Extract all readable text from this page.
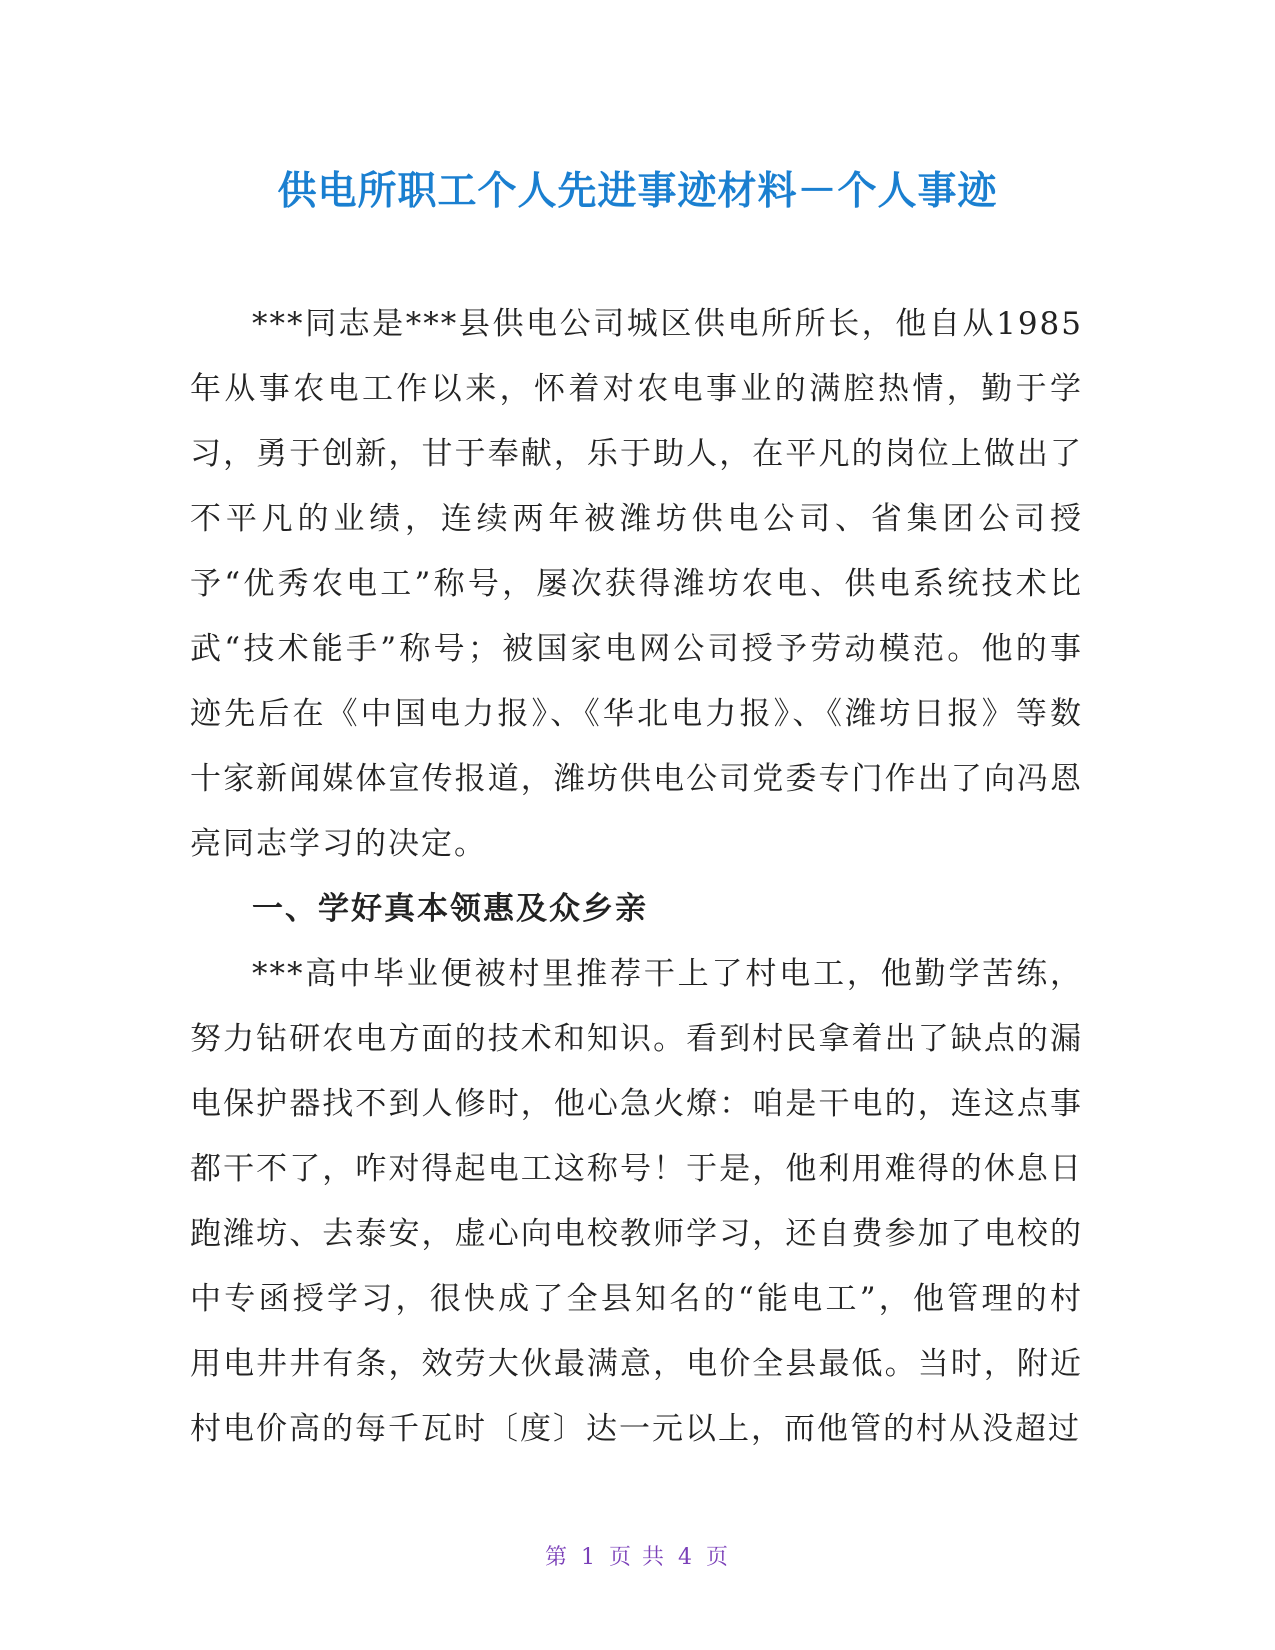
供电所职工个人先进事迹材料－个人事迹

***同志是***县供电公司城区供电所所长，他自从1985年从事农电工作以来，怀着对农电事业的满腔热情，勤于学习，勇于创新，甘于奉献，乐于助人，在平凡的岗位上做出了不平凡的业绩，连续两年被潍坊供电公司、省集团公司授予“优秀农电工”称号，屡次获得潍坊农电、供电系统技术比武“技术能手”称号；被国家电网公司授予劳动模范。他的事迹先后在《中国电力报》、《华北电力报》、《潍坊日报》等数十家新闻媒体宣传报道，潍坊供电公司党委专门作出了向冯恩亮同志学习的决定。

一、学好真本领惠及众乡亲

***高中毕业便被村里推荐干上了村电工，他勤学苦练，努力钻研农电方面的技术和知识。看到村民拿着出了缺点的漏电保护器找不到人修时，他心急火燎：咱是干电的，连这点事都干不了，咋对得起电工这称号！于是，他利用难得的休息日跑潍坊、去泰安，虚心向电校教师学习，还自费参加了电校的中专函授学习，很快成了全县知名的“能电工”，他管理的村用电井井有条，效劳大伙最满意，电价全县最低。当时，附近村电价高的每千瓦时〔度〕达一元以上，而他管的村从没超过

第 1 页 共 4 页
